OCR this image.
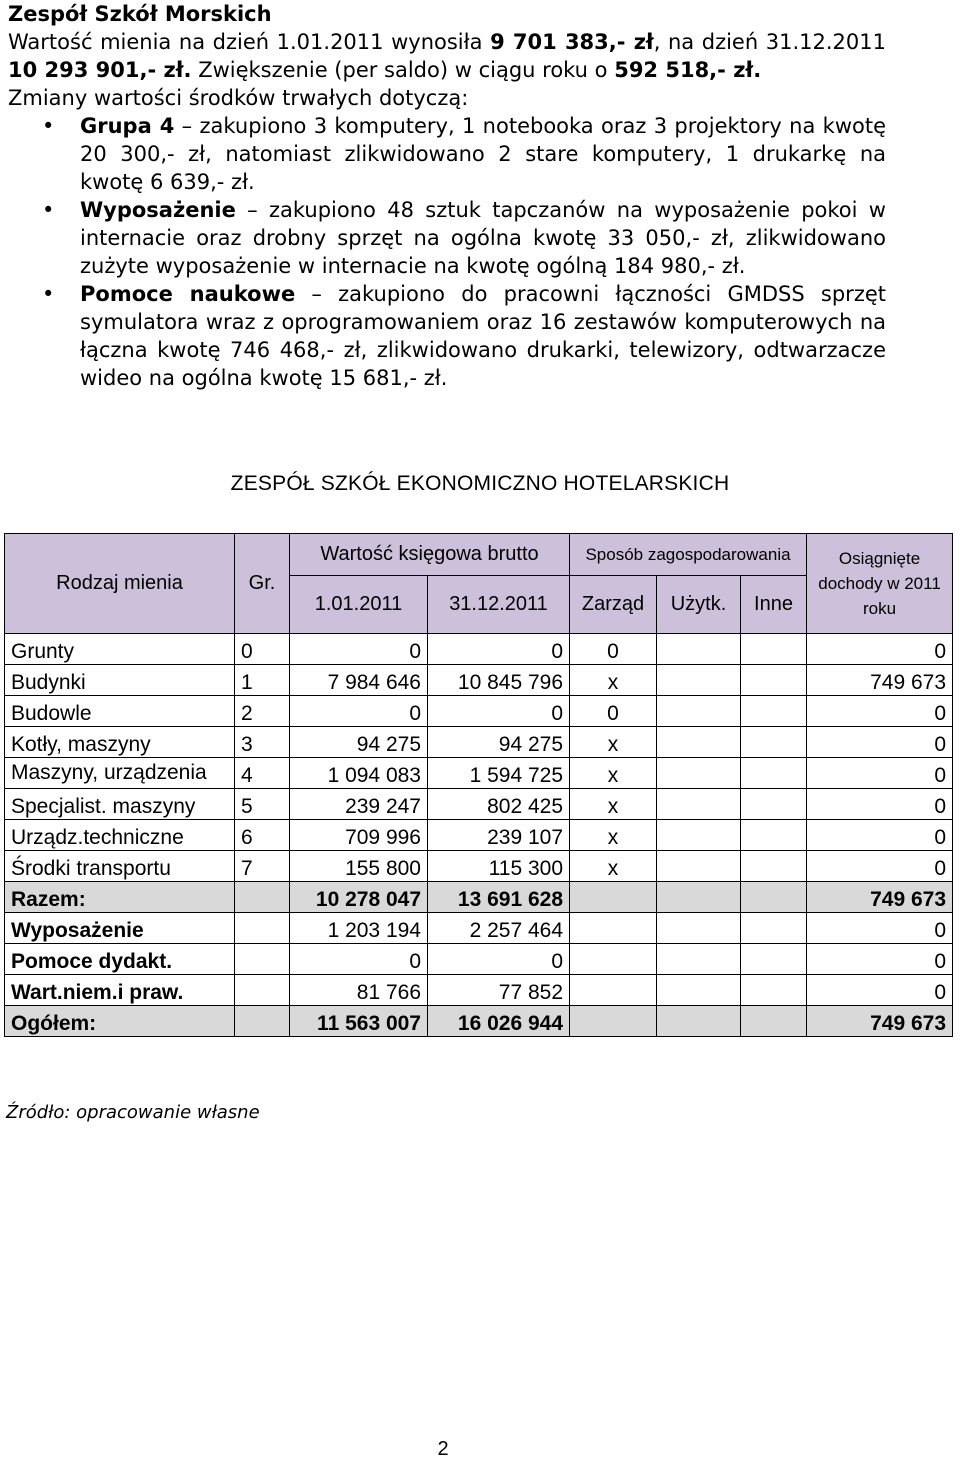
Zespół Szkół Morskich

Wartość mienia na dzień 1.01.2011 wynosiła 9 701 383,- zł, na dzień 31.12.2011 10 293 901,- zł. Zwiększenie (per saldo) w ciągu roku o 592 518,- zł.

Zmiany wartości środków trwałych dotyczą:

• Grupa 4 – zakupiono 3 komputery, 1 notebooka oraz 3 projektory na kwotę 20 300,- zł, natomiast zlikwidowano 2 stare komputery, 1 drukarkę na kwotę 6 639,- zł.
• Wyposażenie – zakupiono 48 sztuk tapczanów na wyposażenie pokoi w internacie oraz drobny sprzęt na ogólna kwotę 33 050,- zł, zlikwidowano zużyte wyposażenie w internacie na kwotę ogólną 184 980,- zł.
• Pomoce naukowe – zakupiono do pracowni łączności GMDSS sprzęt symulatora wraz z oprogramowaniem oraz 16 zestawów komputerowych na łączna kwotę 746 468,- zł, zlikwidowano drukarki, telewizory, odtwarzacze wideo na ogólna kwotę 15 681,- zł.
ZESPÓŁ SZKÓŁ EKONOMICZNO HOTELARSKICH
Rodzaj mienia	Gr.	Wartość księgowa brutto		Sposób zagospodarowania			Osiągnięte dochody w 2011 roku
		1.01.2011	31.12.2011	Zarząd	Użytk.	Inne	
Grunty	0	0	0	0			0
Budynki	1	7 984 646	10 845 796	x			749 673
Budowle	2	0	0	0			0
Kotły, maszyny	3	94 275	94 275	x			0
Maszyny, urządzenia	4	1 094 083	1 594 725	x			0
Specjalist. maszyny	5	239 247	802 425	x			0
Urządz.techniczne	6	709 996	239 107	x			0
Środki transportu	7	155 800	115 300	x			0
Razem:		10 278 047	13 691 628				749 673
Wyposażenie		1 203 194	2 257 464				0
Pomoce dydakt.		0	0				0
Wart.niem.i praw.		81 766	77 852				0
Ogółem:		11 563 007	16 026 944				749 673
Źródło: opracowanie własne
2
